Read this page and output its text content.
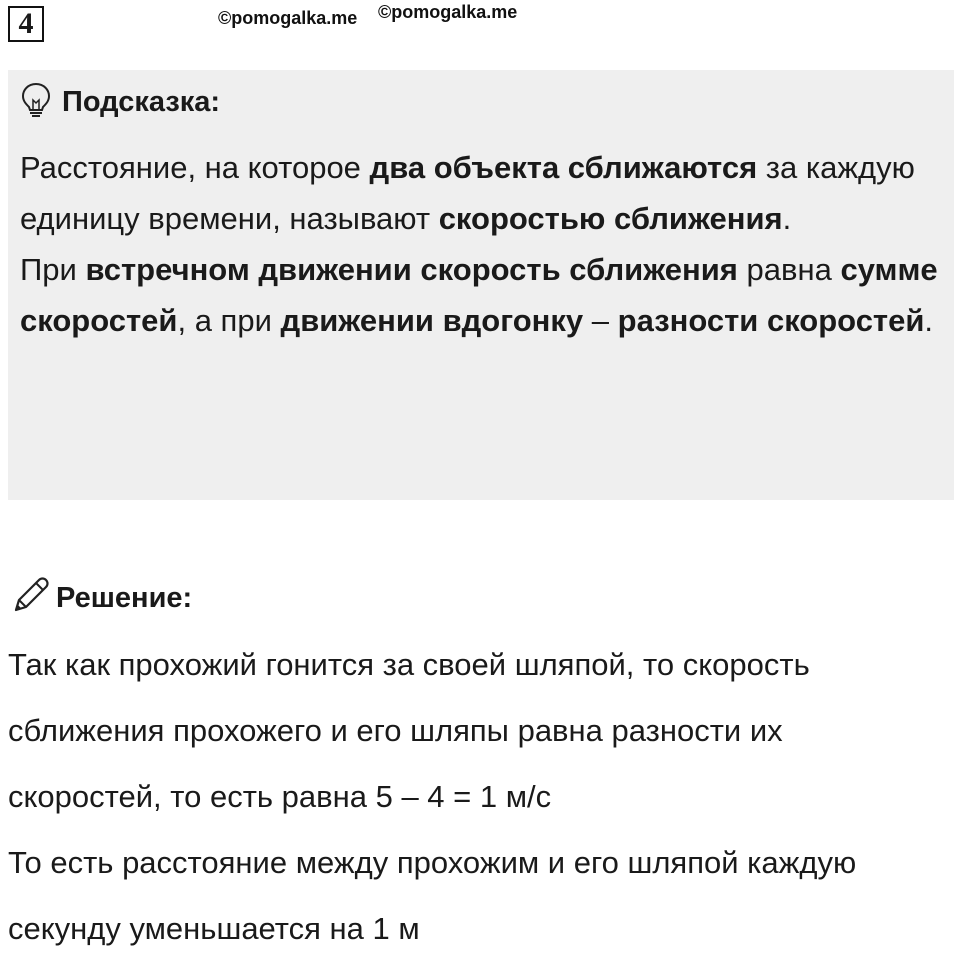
4	©pomogalka.me ©pomogalka.me
Подсказка:

Расстояние, на которое два объекта сближаются за каждую единицу времени, называют скоростью сближения.

При встречном движении скорость сближения равна сумме скоростей, а при движении вдогонку – разности скоростей.

Решение:

Так как прохожий гонится за своей шляпой, то скорость

сближения прохожего и его шляпы равна разности их

скоростей, то есть равна 5 – 4 = 1 м/с

То есть расстояние между прохожим и его шляпой каждую

секунду уменьшается на 1 м
